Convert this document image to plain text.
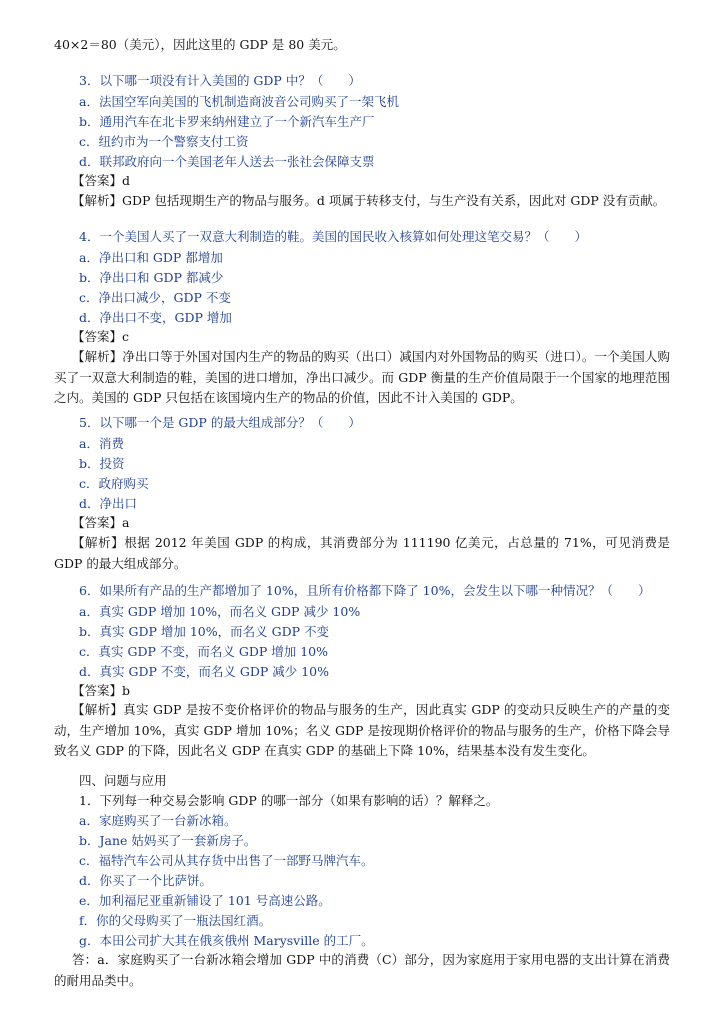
40×2＝80（美元），因此这里的 GDP 是 80 美元。
3．以下哪一项没有计入美国的 GDP 中？（　　）
a．法国空军向美国的飞机制造商波音公司购买了一架飞机
b．通用汽车在北卡罗来纳州建立了一个新汽车生产厂
c．纽约市为一个警察支付工资
d．联邦政府向一个美国老年人送去一张社会保障支票
【答案】d
【解析】GDP 包括现期生产的物品与服务。d 项属于转移支付，与生产没有关系，因此对 GDP 没有贡献。
4．一个美国人买了一双意大利制造的鞋。美国的国民收入核算如何处理这笔交易？（　　）
a．净出口和 GDP 都增加
b．净出口和 GDP 都减少
c．净出口减少，GDP 不变
d．净出口不变，GDP 增加
【答案】c
【解析】净出口等于外国对国内生产的物品的购买（出口）减国内对外国物品的购买（进口）。一个美国人购买了一双意大利制造的鞋，美国的进口增加，净出口减少。而 GDP 衡量的生产价值局限于一个国家的地理范围之内。美国的 GDP 只包括在该国境内生产的物品的价值，因此不计入美国的 GDP。
5．以下哪一个是 GDP 的最大组成部分？（　　）
a．消费
b．投资
c．政府购买
d．净出口
【答案】a
【解析】根据 2012 年美国 GDP 的构成，其消费部分为 111190 亿美元，占总量的 71%，可见消费是 GDP 的最大组成部分。
6．如果所有产品的生产都增加了 10%，且所有价格都下降了 10%，会发生以下哪一种情况？（　　）
a．真实 GDP 增加 10%，而名义 GDP 减少 10%
b．真实 GDP 增加 10%，而名义 GDP 不变
c．真实 GDP 不变，而名义 GDP 增加 10%
d．真实 GDP 不变，而名义 GDP 减少 10%
【答案】b
【解析】真实 GDP 是按不变价格评价的物品与服务的生产，因此真实 GDP 的变动只反映生产的产量的变动，生产增加 10%，真实 GDP 增加 10%；名义 GDP 是按现期价格评价的物品与服务的生产，价格下降会导致名义 GDP 的下降，因此名义 GDP 在真实 GDP 的基础上下降 10%，结果基本没有发生变化。
四、问题与应用
1．下列每一种交易会影响 GDP 的哪一部分（如果有影响的话）？解释之。
a．家庭购买了一台新冰箱。
b．Jane 姑妈买了一套新房子。
c．福特汽车公司从其存货中出售了一部野马牌汽车。
d．你买了一个比萨饼。
e．加利福尼亚重新铺设了 101 号高速公路。
f．你的父母购买了一瓶法国红酒。
g．本田公司扩大其在俄亥俄州 Marysville 的工厂。
答：a．家庭购买了一台新冰箱会增加 GDP 中的消费（C）部分，因为家庭用于家用电器的支出计算在消费的耐用品类中。
